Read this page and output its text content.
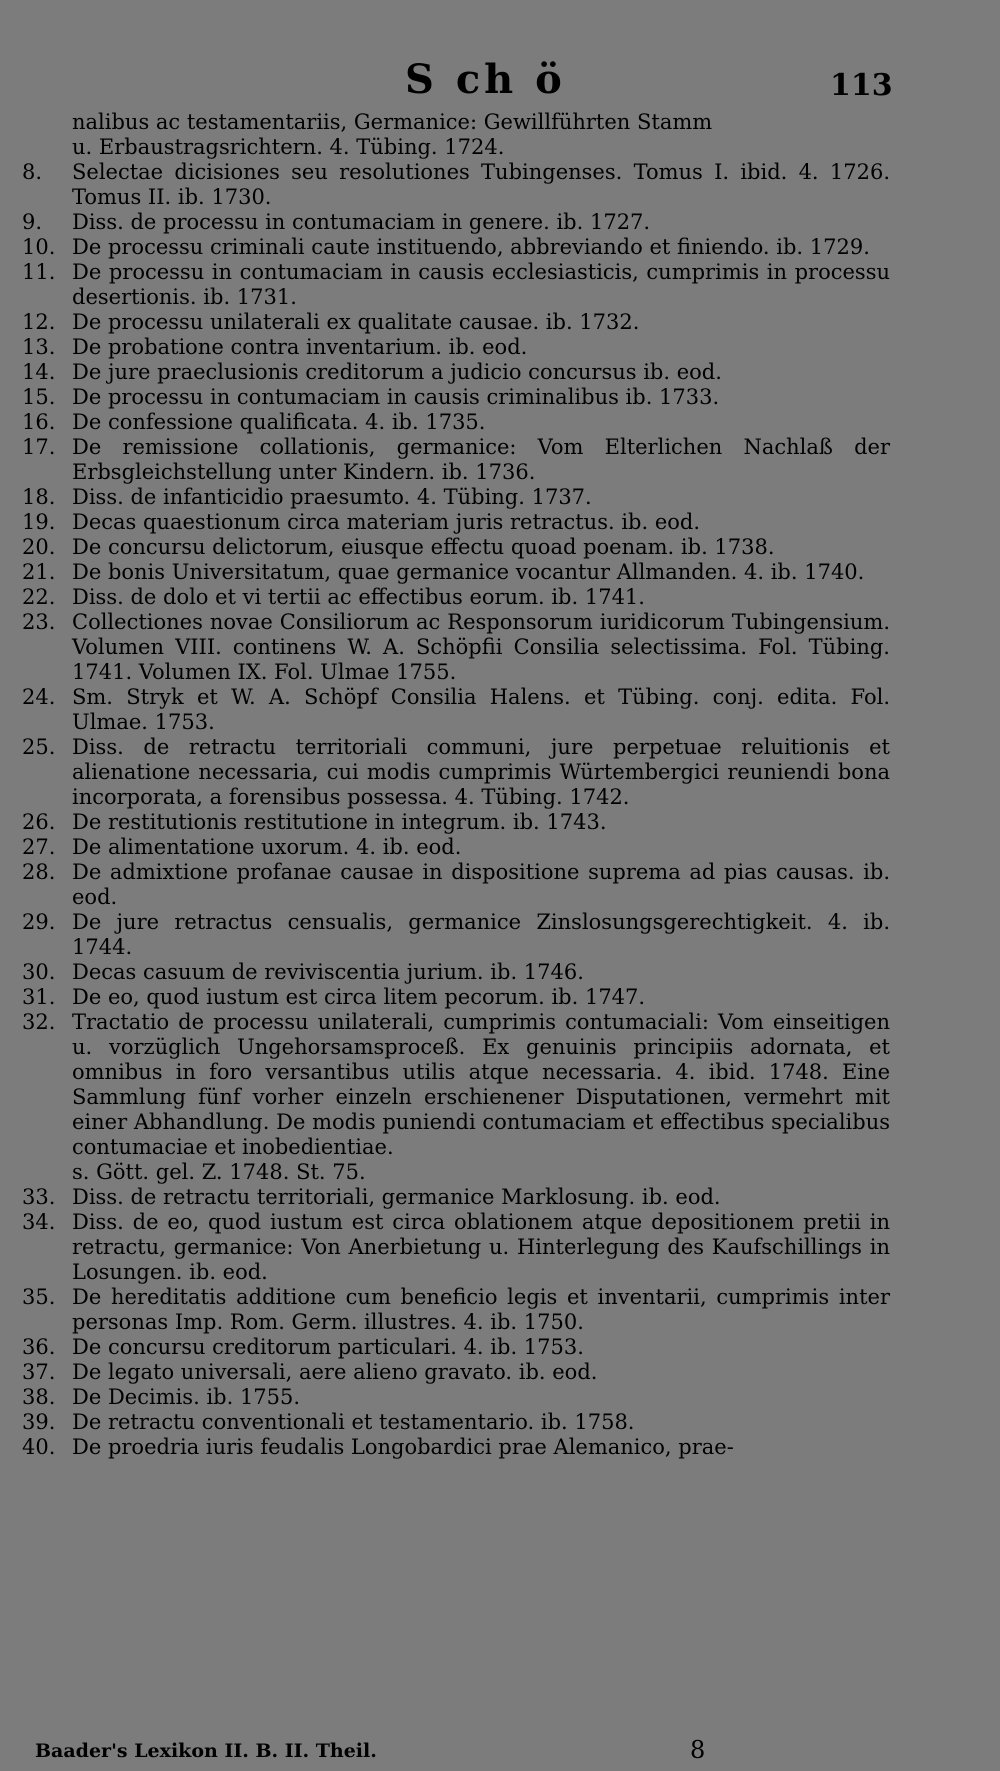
S ch ö	113
nalibus ac testamentariis, Germanice: Gewillführten Stamm
u. Erbaustragsrichtern. 4. Tübing. 1724.
8.	Selectae dicisiones seu resolutiones Tubingenses. Tomus I. ibid. 4. 1726. Tomus II. ib. 1730.
9.	Diss. de processu in contumaciam in genere. ib. 1727.
10. De processu criminali caute instituendo, abbreviando et finiendo. ib. 1729.
11. De processu in contumaciam in causis ecclesiasticis, cumprimis in processu desertionis. ib. 1731.
12. De processu unilaterali ex qualitate causae. ib. 1732.
13. De probatione contra inventarium. ib. eod.
14. De jure praeclusionis creditorum a judicio concursus ib. eod.
15. De processu in contumaciam in causis criminalibus ib. 1733.
16. De confessione qualificata. 4. ib. 1735.
17. De remissione collationis, germanice: Vom Elterlichen Nachlaß der Erbsgleichstellung unter Kindern. ib. 1736.
18. Diss. de infanticidio praesumto. 4. Tübing. 1737.
19. Decas quaestionum circa materiam juris retractus. ib. eod.
20. De concursu delictorum, eiusque effectu quoad poenam. ib. 1738.
21. De bonis Universitatum, quae germanice vocantur Allmanden. 4. ib. 1740.
22. Diss. de dolo et vi tertii ac effectibus eorum. ib. 1741.
23. Collectiones novae Consiliorum ac Responsorum iuridicorum Tubingensium. Volumen VIII. continens W. A. Schöpfii Consilia selectissima. Fol. Tübing. 1741. Volumen IX. Fol. Ulmae 1755.
24. Sm. Stryk et W. A. Schöpf Consilia Halens. et Tübing. conj. edita. Fol. Ulmae. 1753.
25. Diss. de retractu territoriali communi, jure perpetuae reluitionis et alienatione necessaria, cui modis cumprimis Würtembergici reuniendi bona incorporata, a forensibus possessa. 4. Tübing. 1742.
26. De restitutionis restitutione in integrum. ib. 1743.
27. De alimentatione uxorum. 4. ib. eod.
28. De admixtione profanae causae in dispositione suprema ad pias causas. ib. eod.
29. De jure retractus censualis, germanice Zinslosungsgerechtigkeit. 4. ib. 1744.
30. Decas casuum de reviviscentia jurium. ib. 1746.
31. De eo, quod iustum est circa litem pecorum. ib. 1747.
32. Tractatio de processu unilaterali, cumprimis contumaciali: Vom einseitigen u. vorzüglich Ungehorsamsproceß. Ex genuinis principiis adornata, et omnibus in foro versantibus utilis atque necessaria. 4. ibid. 1748. Eine Sammlung fünf vorher einzeln erschienener Disputationen, vermehrt mit einer Abhandlung. De modis puniendi contumaciam et effectibus specialibus contumaciae et inobedientiae.
s. Gött. gel. Z. 1748. St. 75.
33. Diss. de retractu territoriali, germanice Marklosung. ib. eod.
34. Diss. de eo, quod iustum est circa oblationem atque depositionem pretii in retractu, germanice: Von Anerbietung u. Hinterlegung des Kaufschillings in Losungen. ib. eod.
35. De hereditatis additione cum beneficio legis et inventarii, cumprimis inter personas Imp. Rom. Germ. illustres. 4. ib. 1750.
36. De concursu creditorum particulari. 4. ib. 1753.
37. De legato universali, aere alieno gravato. ib. eod.
38. De Decimis. ib. 1755.
39. De retractu conventionali et testamentario. ib. 1758.
40. De proedria iuris feudalis Longobardici prae Alemanico, prae-
Baader's Lexikon II. B. II. Theil.	8
